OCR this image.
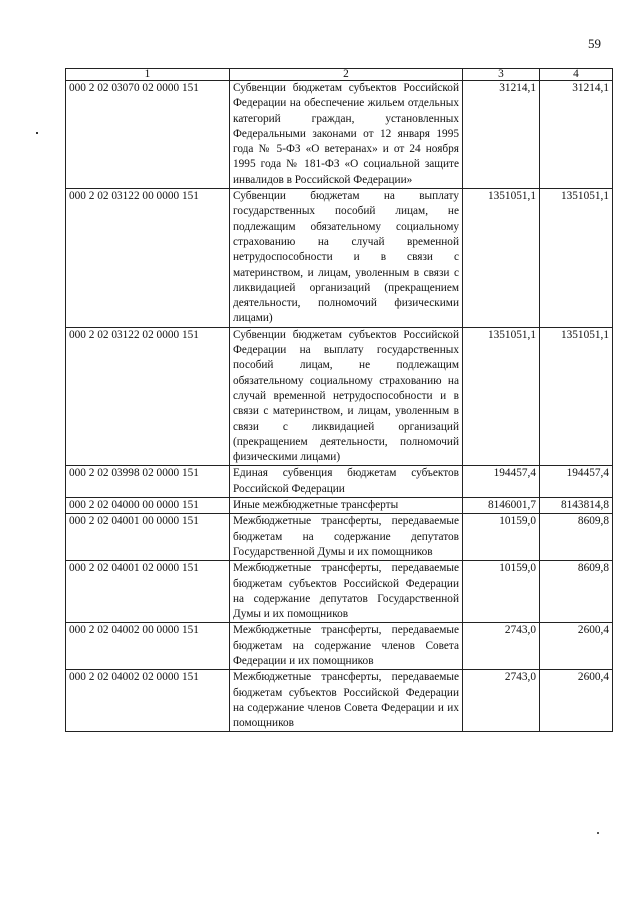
59
1	2	3	4
000 2 02 03070 02 0000 151	Субвенции бюджетам субъектов Российской Федерации на обеспечение жильем отдельных категорий граждан, установленных Федеральными законами от 12 января 1995 года № 5-ФЗ «О ветеранах» и от 24 ноября 1995 года № 181-ФЗ «О социальной защите инвалидов в Российской Федерации»	31214,1	31214,1
000 2 02 03122 00 0000 151	Субвенции бюджетам на выплату государственных пособий лицам, не подлежащим обязательному социальному страхованию на случай временной нетрудоспособности и в связи с материнством, и лицам, уволенным в связи с ликвидацией организаций (прекращением деятельности, полномочий физическими лицами)	1351051,1	1351051,1
000 2 02 03122 02 0000 151	Субвенции бюджетам субъектов Российской Федерации на выплату государственных пособий лицам, не подлежащим обязательному социальному страхованию на случай временной нетрудоспособности и в связи с материнством, и лицам, уволенным в связи с ликвидацией организаций (прекращением деятельности, полномочий физическими лицами)	1351051,1	1351051,1
000 2 02 03998 02 0000 151	Единая субвенция бюджетам субъектов Российской Федерации	194457,4	194457,4
000 2 02 04000 00 0000 151	Иные межбюджетные трансферты	8146001,7	8143814,8
000 2 02 04001 00 0000 151	Межбюджетные трансферты, передаваемые бюджетам на содержание депутатов Государственной Думы и их помощников	10159,0	8609,8
000 2 02 04001 02 0000 151	Межбюджетные трансферты, передаваемые бюджетам субъектов Российской Федерации на содержание депутатов Государственной Думы и их помощников	10159,0	8609,8
000 2 02 04002 00 0000 151	Межбюджетные трансферты, передаваемые бюджетам на содержание членов Совета Федерации и их помощников	2743,0	2600,4
000 2 02 04002 02 0000 151	Межбюджетные трансферты, передаваемые бюджетам субъектов Российской Федерации на содержание членов Совета Федерации и их помощников	2743,0	2600,4
